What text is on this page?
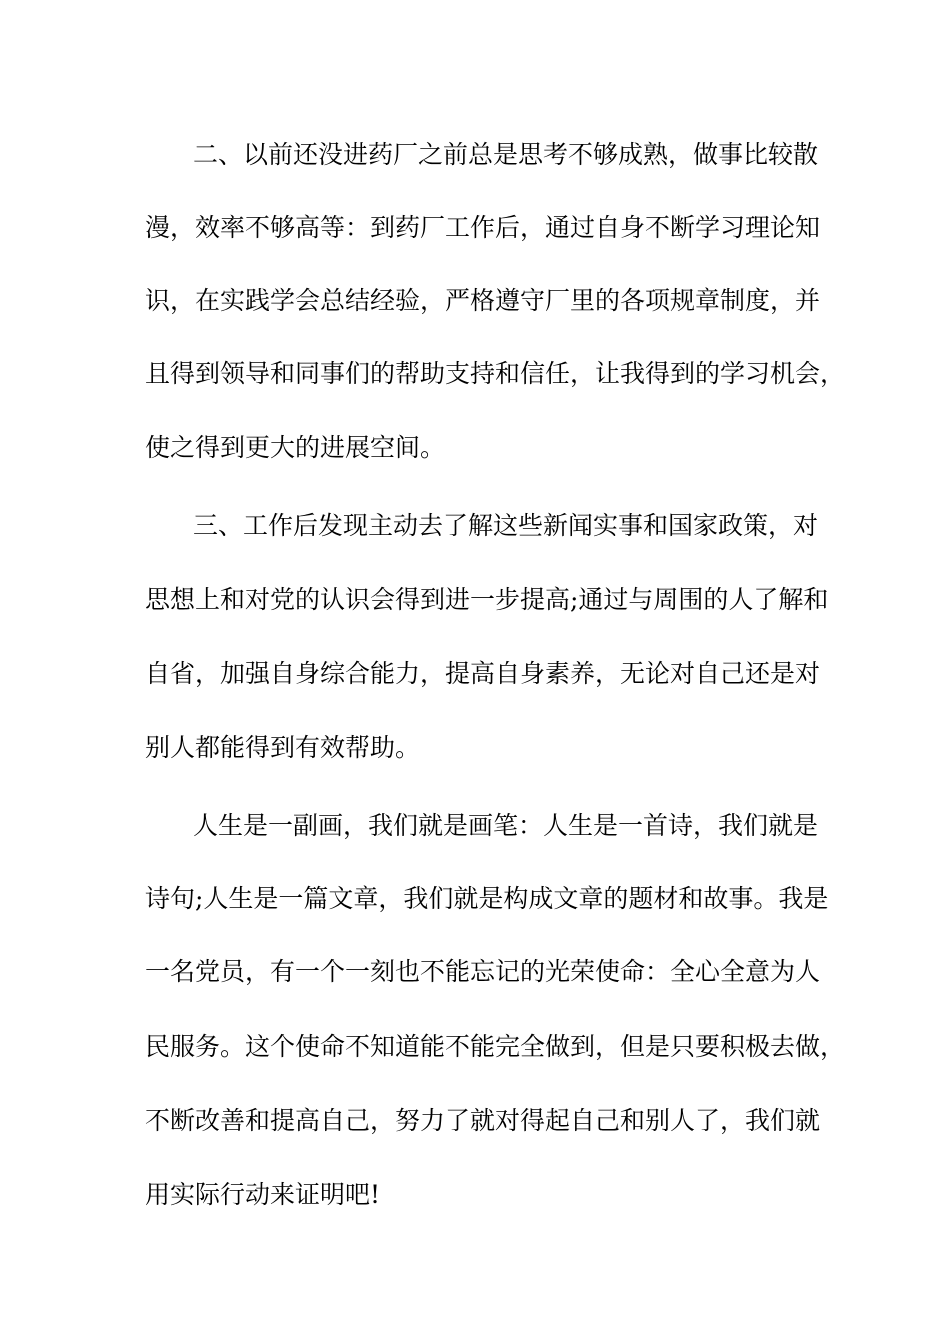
二、以前还没进药厂之前总是思考不够成熟，做事比较散
漫，效率不够高等：到药厂工作后，通过自身不断学习理论知
识，在实践学会总结经验，严格遵守厂里的各项规章制度，并
且得到领导和同事们的帮助支持和信任，让我得到的学习机会，
使之得到更大的进展空间。
三、工作后发现主动去了解这些新闻实事和国家政策，对
思想上和对党的认识会得到进一步提高;通过与周围的人了解和
自省，加强自身综合能力，提高自身素养，无论对自己还是对
别人都能得到有效帮助。
人生是一副画，我们就是画笔：人生是一首诗，我们就是
诗句;人生是一篇文章，我们就是构成文章的题材和故事。我是
一名党员，有一个一刻也不能忘记的光荣使命：全心全意为人
民服务。这个使命不知道能不能完全做到，但是只要积极去做，
不断改善和提高自己，努力了就对得起自己和别人了，我们就
用实际行动来证明吧!
